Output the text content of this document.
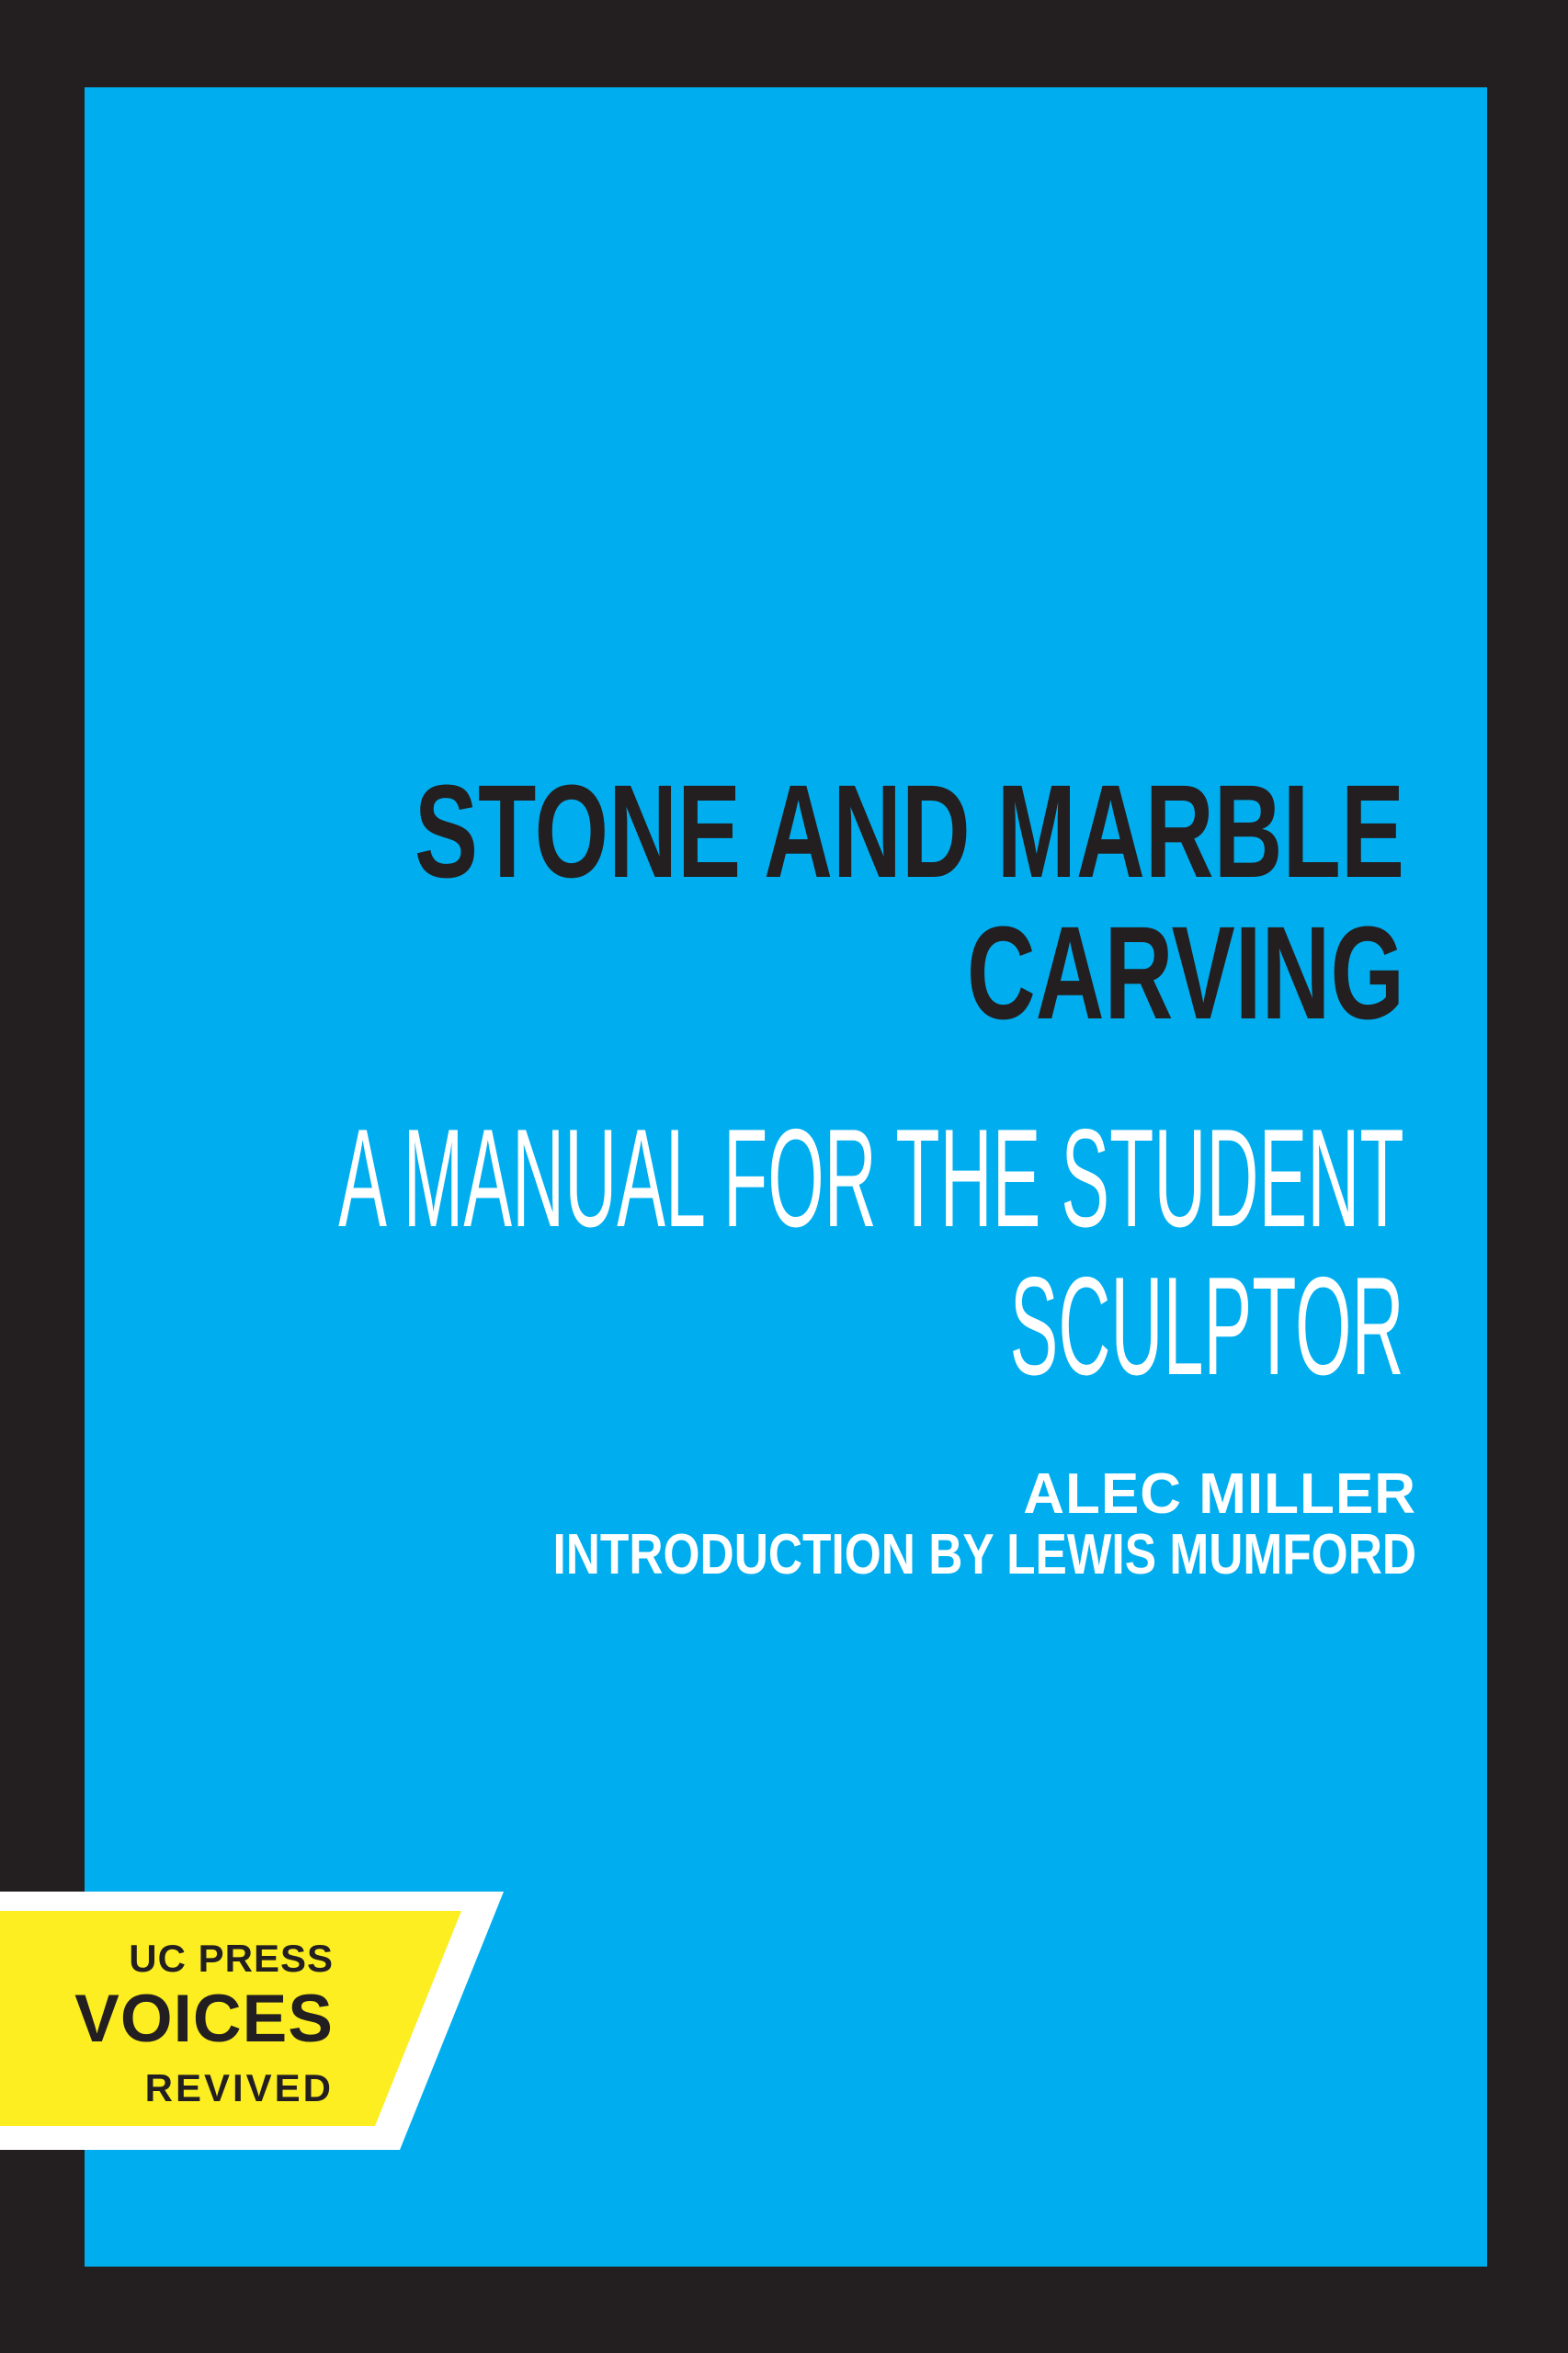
STONE AND MARBLE
CARVING
A MANUAL FOR THE STUDENT
SCULPTOR
ALEC MILLER
INTRODUCTION BY LEWIS MUMFORD
UC PRESS
VOICES
REVIVED
